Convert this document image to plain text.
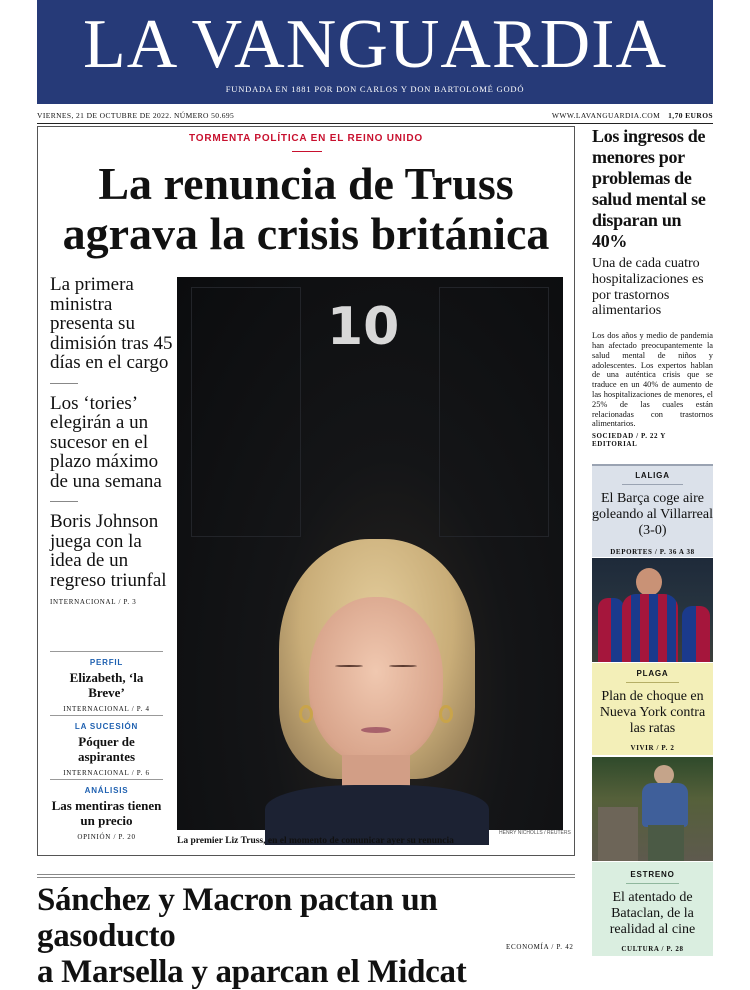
LA VANGUARDIA
FUNDADA EN 1881 POR DON CARLOS Y DON BARTOLOMÉ GODÓ
VIERNES, 21 DE OCTUBRE DE 2022. NÚMERO 50.695	WWW.LAVANGUARDIA.COM 1,70 EUROS
TORMENTA POLÍTICA EN EL REINO UNIDO
La renuncia de Truss
agrava la crisis británica
La primera ministra presenta su dimisión tras 45 días en el cargo
Los ‘tories’ elegirán a un sucesor en el plazo máximo de una semana
Boris Johnson juega con la idea de un regreso triunfal
INTERNACIONAL / P. 3
PERFIL
Elizabeth, ‘la Breve’
INTERNACIONAL / P. 4
LA SUCESIÓN
Póquer de aspirantes
INTERNACIONAL / P. 6
ANÁLISIS
Las mentiras tienen un precio
OPINIÓN / P. 20
10
HENRY NICHOLLS / REUTERS
La premier Liz Truss, en el momento de comunicar ayer su renuncia
Los ingresos de menores por problemas de salud mental se disparan un 40%
Una de cada cuatro hospitalizaciones es por trastornos alimentarios
Los dos años y medio de pandemia han afectado preocupantemente la salud mental de niños y adolescentes. Los expertos hablan de una auténtica crisis que se traduce en un 40% de aumento de las hospitalizaciones de menores, el 25% de las cuales están relacionadas con trastornos alimentarios.
SOCIEDAD / P. 22 Y EDITORIAL
LALIGA
El Barça coge aire goleando al Villarreal (3-0)
DEPORTES / P. 36 A 38
PLAGA
Plan de choque en Nueva York contra las ratas
VIVIR / P. 2
ESTRENO
El atentado de Bataclan, de la realidad al cine
CULTURA / P. 28
Sánchez y Macron pactan un gasoducto
a Marsella y aparcan el Midcat
ECONOMÍA / P. 42
